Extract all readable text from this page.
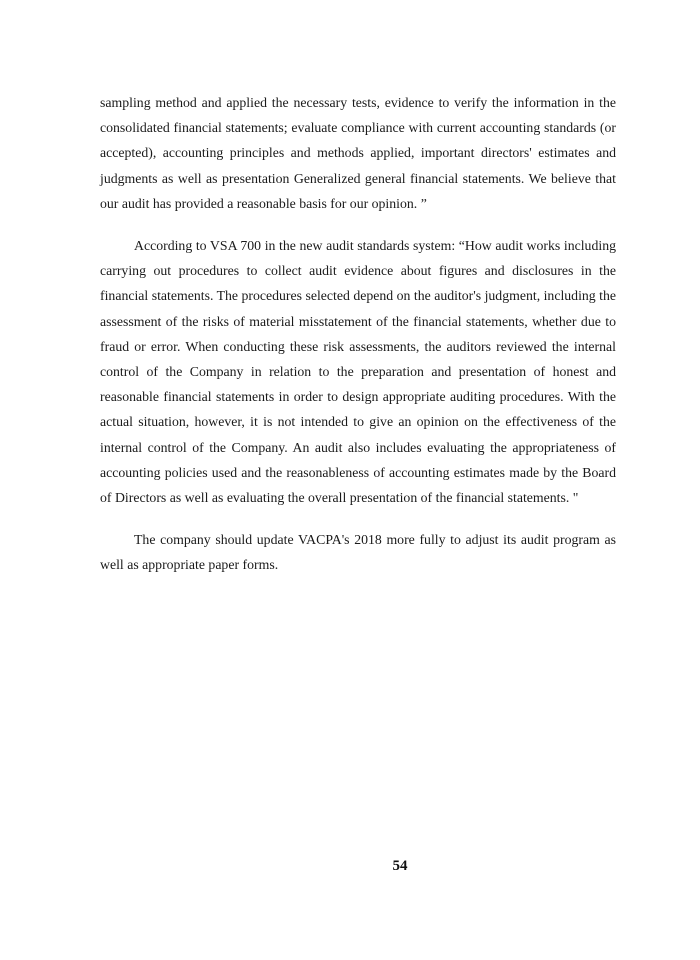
sampling method and applied the necessary tests, evidence to verify the information in the consolidated financial statements; evaluate compliance with current accounting standards (or accepted), accounting principles and methods applied, important directors' estimates and judgments as well as presentation Generalized general financial statements. We believe that our audit has provided a reasonable basis for our opinion. ”

According to VSA 700 in the new audit standards system: “How audit works including carrying out procedures to collect audit evidence about figures and disclosures in the financial statements. The procedures selected depend on the auditor's judgment, including the assessment of the risks of material misstatement of the financial statements, whether due to fraud or error. When conducting these risk assessments, the auditors reviewed the internal control of the Company in relation to the preparation and presentation of honest and reasonable financial statements in order to design appropriate auditing procedures. With the actual situation, however, it is not intended to give an opinion on the effectiveness of the internal control of the Company. An audit also includes evaluating the appropriateness of accounting policies used and the reasonableness of accounting estimates made by the Board of Directors as well as evaluating the overall presentation of the financial statements. "

The company should update VACPA's 2018 more fully to adjust its audit program as well as appropriate paper forms.

54
